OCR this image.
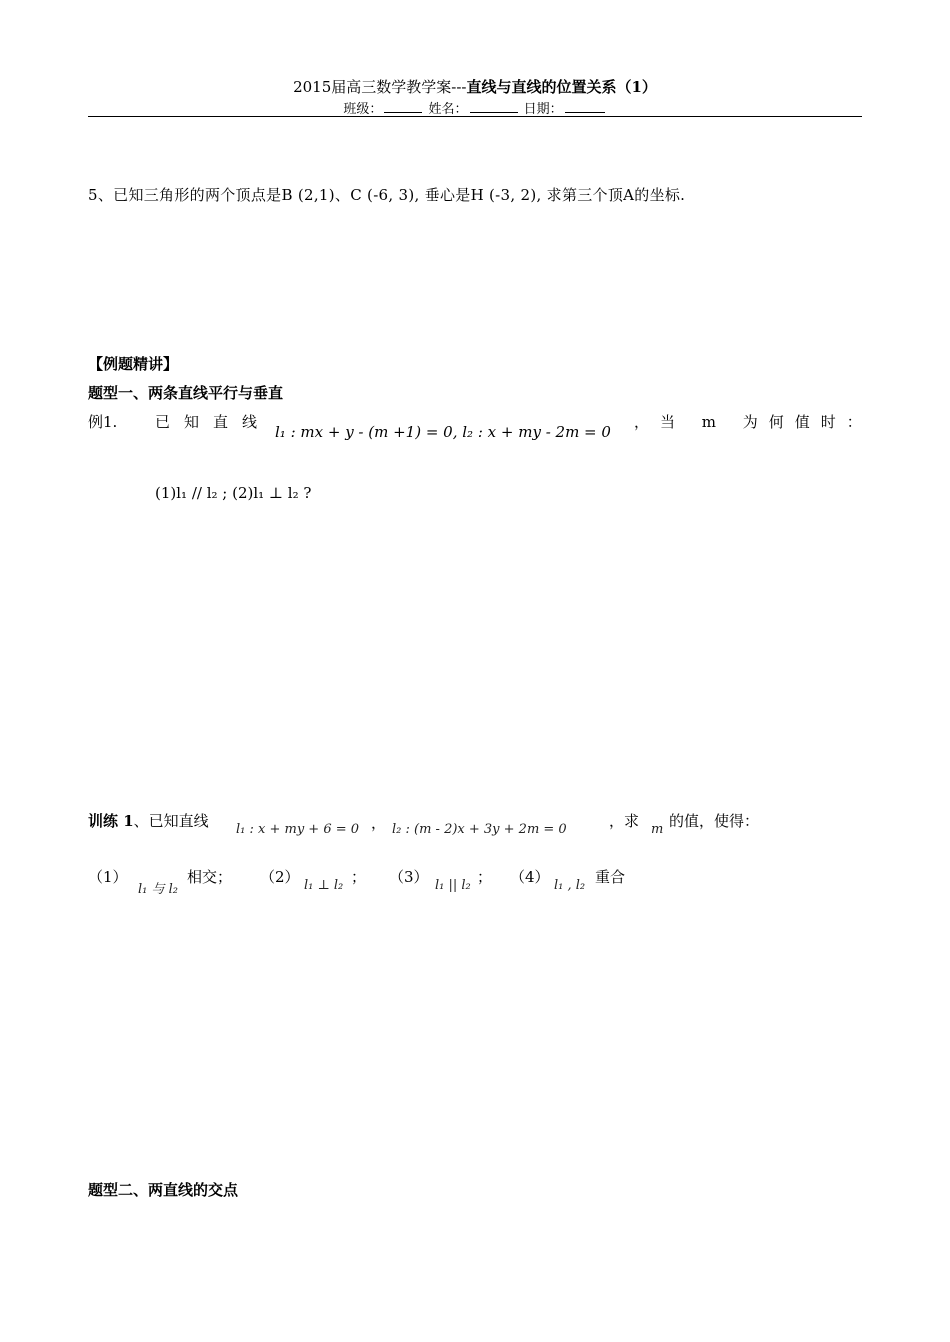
2015届高三数学教学案---直线与直线的位置关系（1）
班级：	姓名：	日期：
5、已知三角形的两个顶点是B (2,1)、C (-6, 3), 垂心是H (-3, 2), 求第三个顶A的坐标.
【例题精讲】
题型一、两条直线平行与垂直
例1.	已知直线
l₁ : mx + y - (m +1) = 0, l₂ : x + my - 2m = 0
，当 m 为何值时：
(1)l₁ // l₂ ; (2)l₁ ⊥ l₂ ?
训练 1、已知直线 l₁ : x + my + 6 = 0 ， l₂ : (m - 2)x + 3y + 2m = 0	，求 m 的值，使得：
（1）
l₁ 与 l₂
相交； （2） l₁ ⊥ l₂ ； （3） l₁ || l₂ ； （4） l₁ , l₂ 重合
题型二、两直线的交点
